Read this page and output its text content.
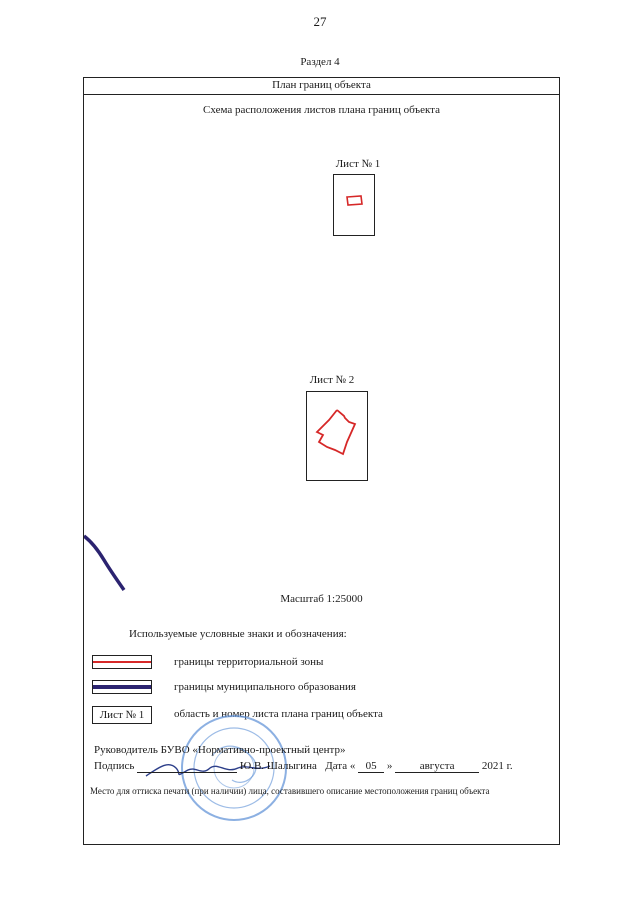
27
Раздел 4
План границ объекта
Схема расположения листов плана границ объекта
Лист № 1
Лист № 2
Масштаб 1:25000
Используемые условные знаки и обозначения:
границы территориальной зоны
границы муниципального образования
Лист № 1	область и номер листа плана границ объекта
Руководитель БУВО «Нормативно-проектный центр»
Подпись	Ю.В. Шалыгина Дата « 05 » августа 2021 г.
Место для оттиска печати (при наличии) лица, составившего описание местоположения границ объекта
